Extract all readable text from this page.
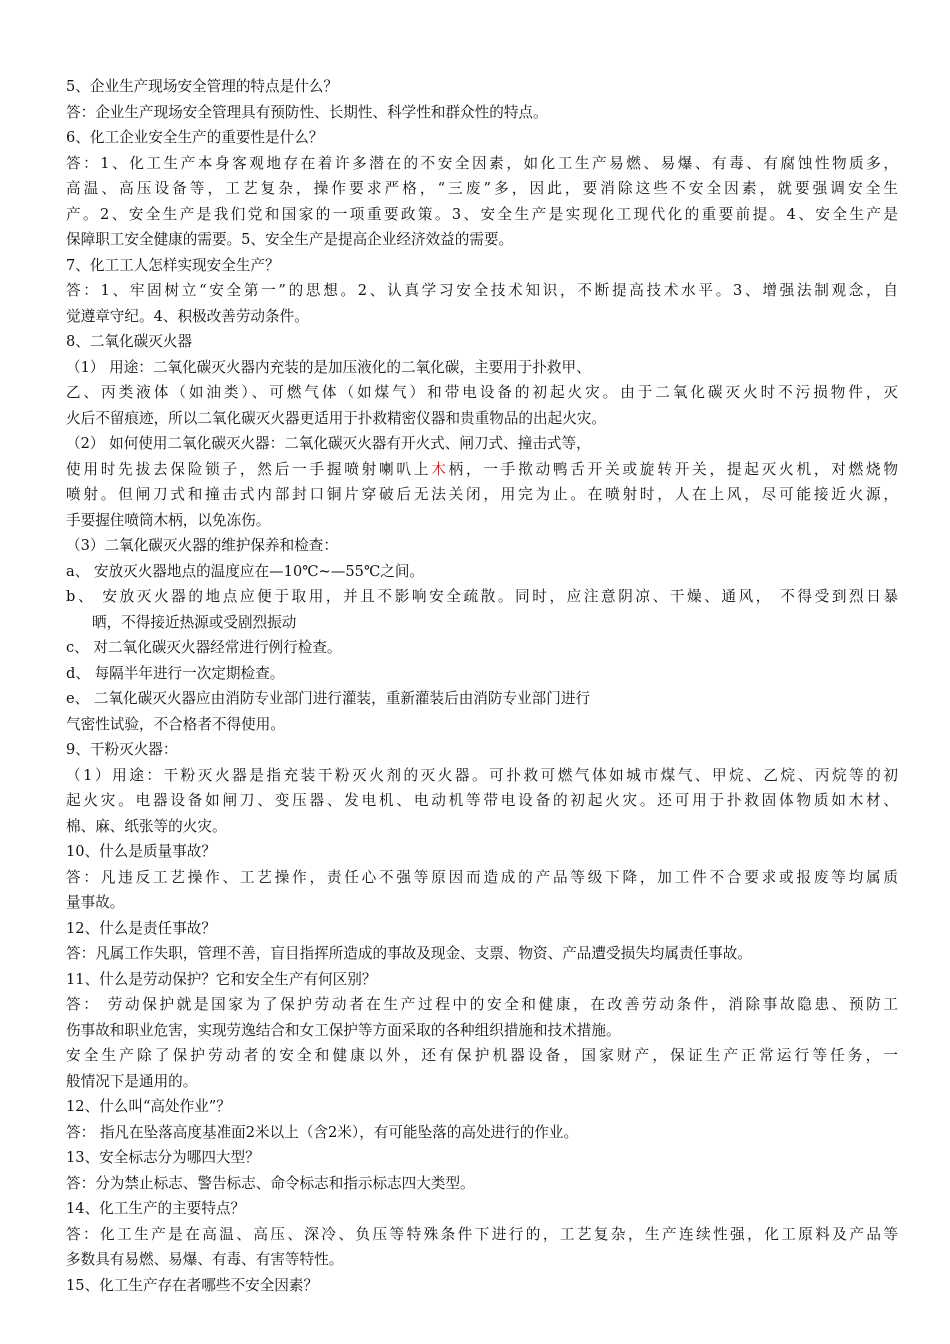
5、企业生产现场安全管理的特点是什么？
答：企业生产现场安全管理具有预防性、长期性、科学性和群众性的特点。
6、化工企业安全生产的重要性是什么？
答：1、化工生产本身客观地存在着许多潜在的不安全因素，如化工生产易燃、易爆、有毒、有腐蚀性物质多，
高温、高压设备等，工艺复杂，操作要求严格，“三废”多，因此，要消除这些不安全因素，就要强调安全生
产。2、安全生产是我们党和国家的一项重要政策。3、安全生产是实现化工现代化的重要前提。4、安全生产是
保障职工安全健康的需要。5、安全生产是提高企业经济效益的需要。
7、化工工人怎样实现安全生产？
答：1、牢固树立“安全第一”的思想。2、认真学习安全技术知识，不断提高技术水平。3、增强法制观念，自
觉遵章守纪。4、积极改善劳动条件。
8、二氧化碳灭火器
（1） 用途：二氧化碳灭火器内充装的是加压液化的二氧化碳，主要用于扑救甲、
乙、丙类液体（如油类）、可燃气体（如煤气）和带电设备的初起火灾。由于二氧化碳灭火时不污损物件，灭
火后不留痕迹，所以二氧化碳灭火器更适用于扑救精密仪器和贵重物品的出起火灾。
（2） 如何使用二氧化碳灭火器：二氧化碳灭火器有开火式、闸刀式、撞击式等，
使用时先拔去保险锁子，然后一手握喷射喇叭上木柄，一手揿动鸭舌开关或旋转开关，提起灭火机，对燃烧物
喷射。但闸刀式和撞击式内部封口铜片穿破后无法关闭，用完为止。在喷射时，人在上风，尽可能接近火源，
手要握住喷筒木柄，以免冻伤。
（3）二氧化碳灭火器的维护保养和检查：
a、 安放灭火器地点的温度应在—10℃~—55℃之间。
b、 安放灭火器的地点应便于取用，并且不影响安全疏散。同时，应注意阴凉、干燥、通风， 不得受到烈日暴
晒，不得接近热源或受剧烈振动
c、 对二氧化碳灭火器经常进行例行检查。
d、 每隔半年进行一次定期检查。
e、 二氧化碳灭火器应由消防专业部门进行灌装，重新灌装后由消防专业部门进行
气密性试验，不合格者不得使用。
9、干粉灭火器：
（1）用途：干粉灭火器是指充装干粉灭火剂的灭火器。可扑救可燃气体如城市煤气、甲烷、乙烷、丙烷等的初
起火灾。电器设备如闸刀、变压器、发电机、电动机等带电设备的初起火灾。还可用于扑救固体物质如木材、
棉、麻、纸张等的火灾。
10、什么是质量事故？
答：凡违反工艺操作、工艺操作，责任心不强等原因而造成的产品等级下降，加工件不合要求或报废等均属质
量事故。
12、什么是责任事故？
答：凡属工作失职，管理不善，盲目指挥所造成的事故及现金、支票、物资、产品遭受损失均属责任事故。
11、什么是劳动保护？它和安全生产有何区别？
答： 劳动保护就是国家为了保护劳动者在生产过程中的安全和健康，在改善劳动条件，消除事故隐患、预防工
伤事故和职业危害，实现劳逸结合和女工保护等方面采取的各种组织措施和技术措施。
安全生产除了保护劳动者的安全和健康以外，还有保护机器设备，国家财产，保证生产正常运行等任务，一
般情况下是通用的。
12、什么叫“高处作业”？
答： 指凡在坠落高度基准面2米以上（含2米），有可能坠落的高处进行的作业。
13、安全标志分为哪四大型？
答：分为禁止标志、警告标志、命令标志和指示标志四大类型。
14、化工生产的主要特点？
答：化工生产是在高温、高压、深冷、负压等特殊条件下进行的，工艺复杂，生产连续性强，化工原料及产品等
多数具有易燃、易爆、有毒、有害等特性。
15、化工生产存在者哪些不安全因素？
